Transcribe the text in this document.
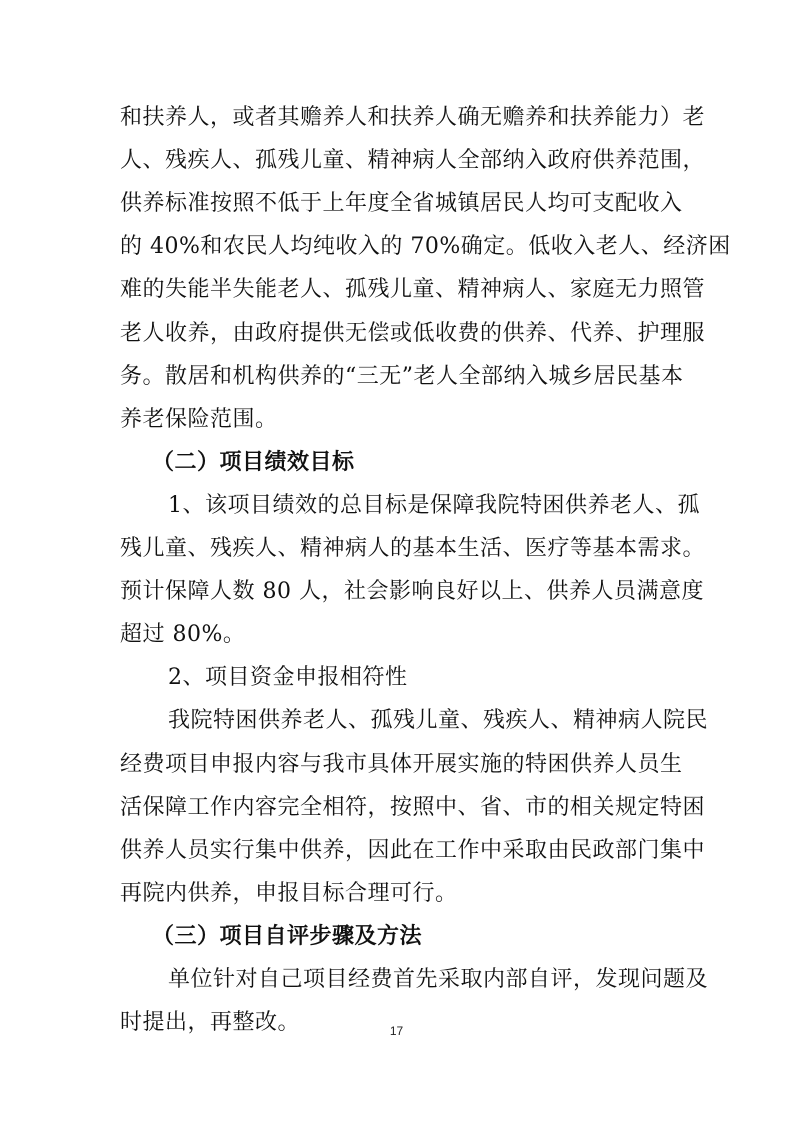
和扶养人，或者其赡养人和扶养人确无赡养和扶养能力）老
人、残疾人、孤残儿童、精神病人全部纳入政府供养范围，
供养标准按照不低于上年度全省城镇居民人均可支配收入
的 40%和农民人均纯收入的 70%确定。低收入老人、经济困
难的失能半失能老人、孤残儿童、精神病人、家庭无力照管
老人收养，由政府提供无偿或低收费的供养、代养、护理服
务。散居和机构供养的“三无”老人全部纳入城乡居民基本
养老保险范围。
（二）项目绩效目标
1、该项目绩效的总目标是保障我院特困供养老人、孤
残儿童、残疾人、精神病人的基本生活、医疗等基本需求。
预计保障人数 80 人，社会影响良好以上、供养人员满意度
超过 80%。
2、项目资金申报相符性
我院特困供养老人、孤残儿童、残疾人、精神病人院民
经费项目申报内容与我市具体开展实施的特困供养人员生
活保障工作内容完全相符，按照中、省、市的相关规定特困
供养人员实行集中供养，因此在工作中采取由民政部门集中
再院内供养，申报目标合理可行。
（三）项目自评步骤及方法
单位针对自己项目经费首先采取内部自评，发现问题及
时提出，再整改。	17
